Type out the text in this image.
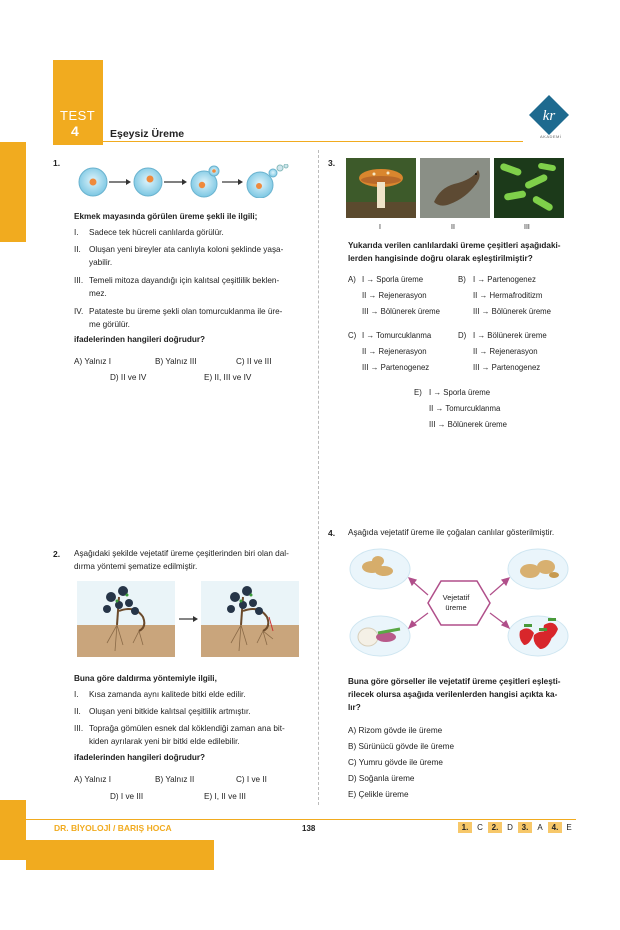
TEST
4	Eşeysiz Üreme
kr
AKADEMİ
1.
Ekmek mayasında görülen üreme şekli ile ilgili;
I. Sadece tek hücreli canlılarda görülür.
II. Oluşan yeni bireyler ata canlıyla koloni şeklinde yaşa-
yabilir.
III. Temeli mitoza dayandığı için kalıtsal çeşitlilik beklen-
mez.
IV. Patateste bu üreme şekli olan tomurcuklanma ile üre-
me görülür.
ifadelerinden hangileri doğrudur?
A) Yalnız I	B) Yalnız III	C) II ve III
D) II ve IV	E) II, III ve IV
2. Aşağıdaki şekilde vejetatif üreme çeşitlerinden biri olan dal-
dırma yöntemi şematize edilmiştir.
Buna göre daldırma yöntemiyle ilgili,
I. Kısa zamanda aynı kalitede bitki elde edilir.
II. Oluşan yeni bitkide kalıtsal çeşitlilik artmıştır.
III. Toprağa gömülen esnek dal köklendiği zaman ana bit-
kiden ayrılarak yeni bir bitki elde edilebilir.
ifadelerinden hangileri doğrudur?
A) Yalnız I	B) Yalnız II	C) I ve II
D) I ve III	E) I, II ve III
3.
I	II	III
Yukarıda verilen canlılardaki üreme çeşitleri aşağıdaki-
lerden hangisinde doğru olarak eşleştirilmiştir?
A) I → Sporla üreme
II → Rejenerasyon
III → Bölünerek üreme
B) I → Partenogenez
II → Hermafroditizm
III → Bölünerek üreme
C) I → Tomurcuklanma
II → Rejenerasyon
III → Partenogenez
D) I → Bölünerek üreme
II → Rejenerasyon
III → Partenogenez
E) I → Sporla üreme
II → Tomurcuklanma
III → Bölünerek üreme
4. Aşağıda vejetatif üreme ile çoğalan canlılar gösterilmiştir.
Vejetatif
üreme
Buna göre görseller ile vejetatif üreme çeşitleri eşleşti-
rilecek olursa aşağıda verilenlerden hangisi açıkta ka-
lır?
A) Rizom gövde ile üreme
B) Sürünücü gövde ile üreme
C) Yumru gövde ile üreme
D) Soğanla üreme
E) Çelikle üreme
DR. BİYOLOJİ / BARIŞ HOCA	138	1.	C	2.	D	3.	A	4.	E
